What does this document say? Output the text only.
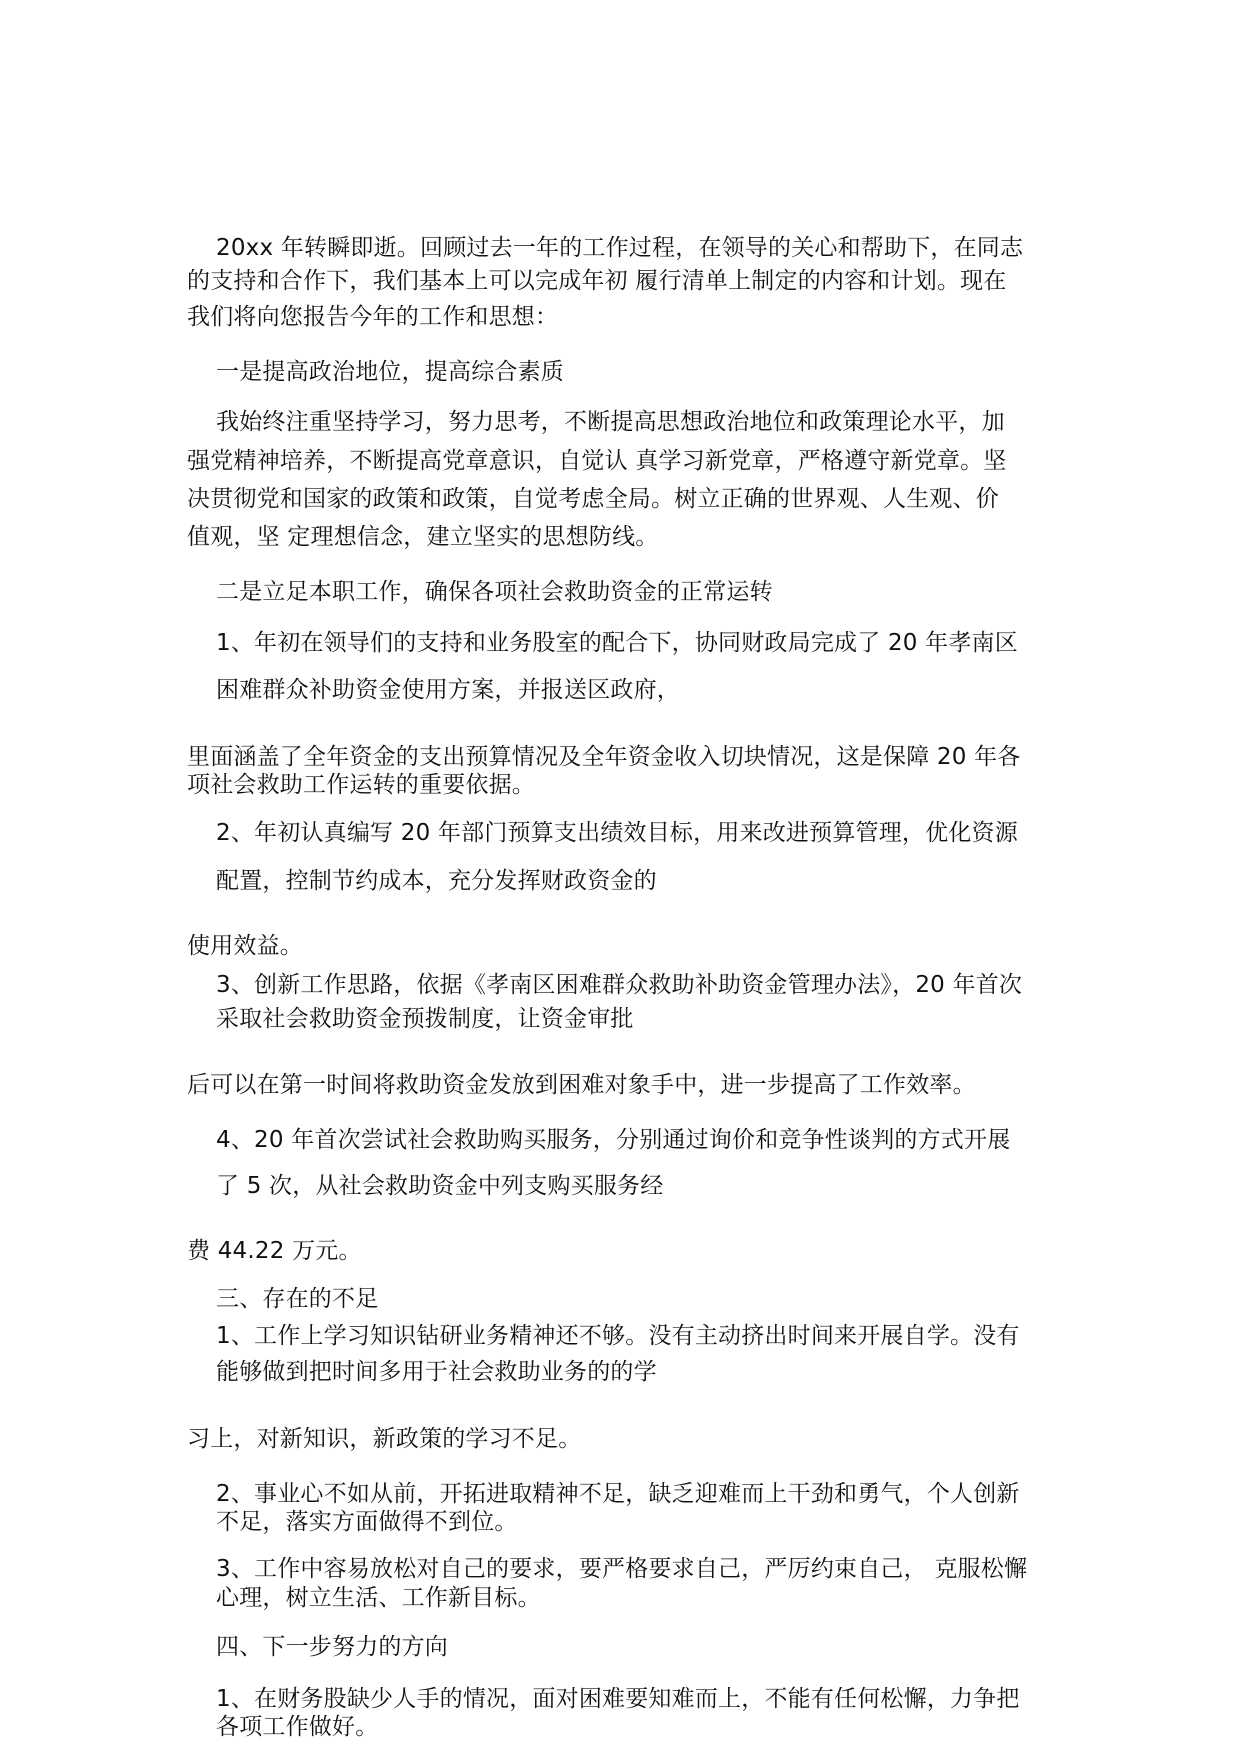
20xx 年转瞬即逝。回顾过去一年的工作过程，在领导的关心和帮助下，在同志
的支持和合作下，我们基本上可以完成年初 履行清单上制定的内容和计划。现在
我们将向您报告今年的工作和思想：
一是提高政治地位，提高综合素质
我始终注重坚持学习，努力思考，不断提高思想政治地位和政策理论水平，加
强党精神培养，不断提高党章意识，自觉认 真学习新党章，严格遵守新党章。坚
决贯彻党和国家的政策和政策，自觉考虑全局。树立正确的世界观、人生观、价
值观，坚 定理想信念，建立坚实的思想防线。
二是立足本职工作，确保各项社会救助资金的正常运转
1、年初在领导们的支持和业务股室的配合下，协同财政局完成了 20 年孝南区
困难群众补助资金使用方案，并报送区政府，
里面涵盖了全年资金的支出预算情况及全年资金收入切块情况，这是保障 20 年各
项社会救助工作运转的重要依据。
2、年初认真编写 20 年部门预算支出绩效目标，用来改进预算管理，优化资源
配置，控制节约成本，充分发挥财政资金的
使用效益。
3、创新工作思路，依据《孝南区困难群众救助补助资金管理办法》，20 年首次
采取社会救助资金预拨制度，让资金审批
后可以在第一时间将救助资金发放到困难对象手中，进一步提高了工作效率。
4、20 年首次尝试社会救助购买服务，分别通过询价和竞争性谈判的方式开展
了 5 次，从社会救助资金中列支购买服务经
费 44.22 万元。
三、存在的不足
1、工作上学习知识钻研业务精神还不够。没有主动挤出时间来开展自学。没有
能够做到把时间多用于社会救助业务的的学
习上，对新知识，新政策的学习不足。
2、事业心不如从前，开拓进取精神不足，缺乏迎难而上干劲和勇气，个人创新
不足，落实方面做得不到位。
3、工作中容易放松对自己的要求，要严格要求自己，严厉约束自己， 克服松懈
心理，树立生活、工作新目标。
四、下一步努力的方向
1、在财务股缺少人手的情况，面对困难要知难而上，不能有任何松懈，力争把
各项工作做好。
